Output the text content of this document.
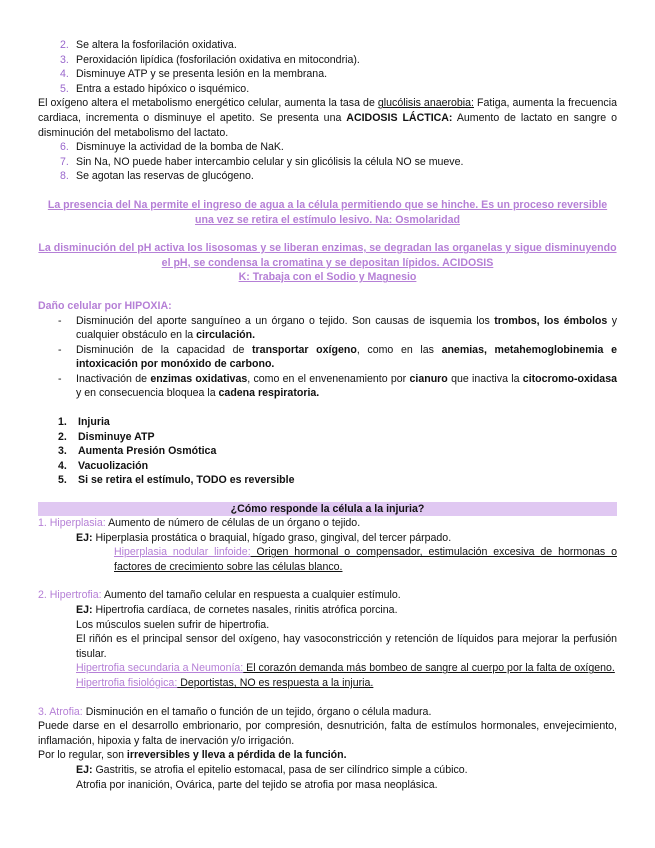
2. Se altera la fosforilación oxidativa.
3. Peroxidación lipídica (fosforilación oxidativa en mitocondria).
4. Disminuye ATP y se presenta lesión en la membrana.
5. Entra a estado hipóxico o isquémico.
El oxígeno altera el metabolismo energético celular, aumenta la tasa de glucólisis anaerobia: Fatiga, aumenta la frecuencia cardiaca, incrementa o disminuye el apetito. Se presenta una ACIDOSIS LÁCTICA: Aumento de lactato en sangre o disminución del metabolismo del lactato.
6. Disminuye la actividad de la bomba de NaK.
7. Sin Na, NO puede haber intercambio celular y sin glicólisis la célula NO se mueve.
8. Se agotan las reservas de glucógeno.
La presencia del Na permite el ingreso de agua a la célula permitiendo que se hinche. Es un proceso reversible una vez se retira el estímulo lesivo. Na: Osmolaridad
La disminución del pH activa los lisosomas y se liberan enzimas, se degradan las organelas y sigue disminuyendo el pH, se condensa la cromatina y se depositan lípidos. ACIDOSIS
K: Trabaja con el Sodio y Magnesio
Daño celular por HIPOXIA:
- Disminución del aporte sanguíneo a un órgano o tejido. Son causas de isquemia los trombos, los émbolos y cualquier obstáculo en la circulación.
- Disminución de la capacidad de transportar oxígeno, como en las anemias, metahemoglobinemia e intoxicación por monóxido de carbono.
- Inactivación de enzimas oxidativas, como en el envenenamiento por cianuro que inactiva la citocromo-oxidasa y en consecuencia bloquea la cadena respiratoria.
1. Injuria
2. Disminuye ATP
3. Aumenta Presión Osmótica
4. Vacuolización
5. Si se retira el estímulo, TODO es reversible
¿Cómo responde la célula a la injuria?
1. Hiperplasia: Aumento de número de células de un órgano o tejido.
EJ: Hiperplasia prostática o braquial, hígado graso, gingival, del tercer párpado.
Hiperplasia nodular linfoide: Origen hormonal o compensador, estimulación excesiva de hormonas o factores de crecimiento sobre las células blanco.
2. Hipertrofia: Aumento del tamaño celular en respuesta a cualquier estímulo.
EJ: Hipertrofia cardíaca, de cornetes nasales, rinitis atrófica porcina.
Los músculos suelen sufrir de hipertrofia.
El riñón es el principal sensor del oxígeno, hay vasoconstricción y retención de líquidos para mejorar la perfusión tisular.
Hipertrofia secundaria a Neumonía: El corazón demanda más bombeo de sangre al cuerpo por la falta de oxígeno.
Hipertrofia fisiológica: Deportistas, NO es respuesta a la injuria.
3. Atrofia: Disminución en el tamaño o función de un tejido, órgano o célula madura.
Puede darse en el desarrollo embrionario, por compresión, desnutrición, falta de estímulos hormonales, envejecimiento, inflamación, hipoxia y falta de inervación y/o irrigación.
Por lo regular, son irreversibles y lleva a pérdida de la función.
EJ: Gastritis, se atrofia el epitelio estomacal, pasa de ser cilíndrico simple a cúbico.
Atrofia por inanición, Ovárica, parte del tejido se atrofia por masa neoplásica.
